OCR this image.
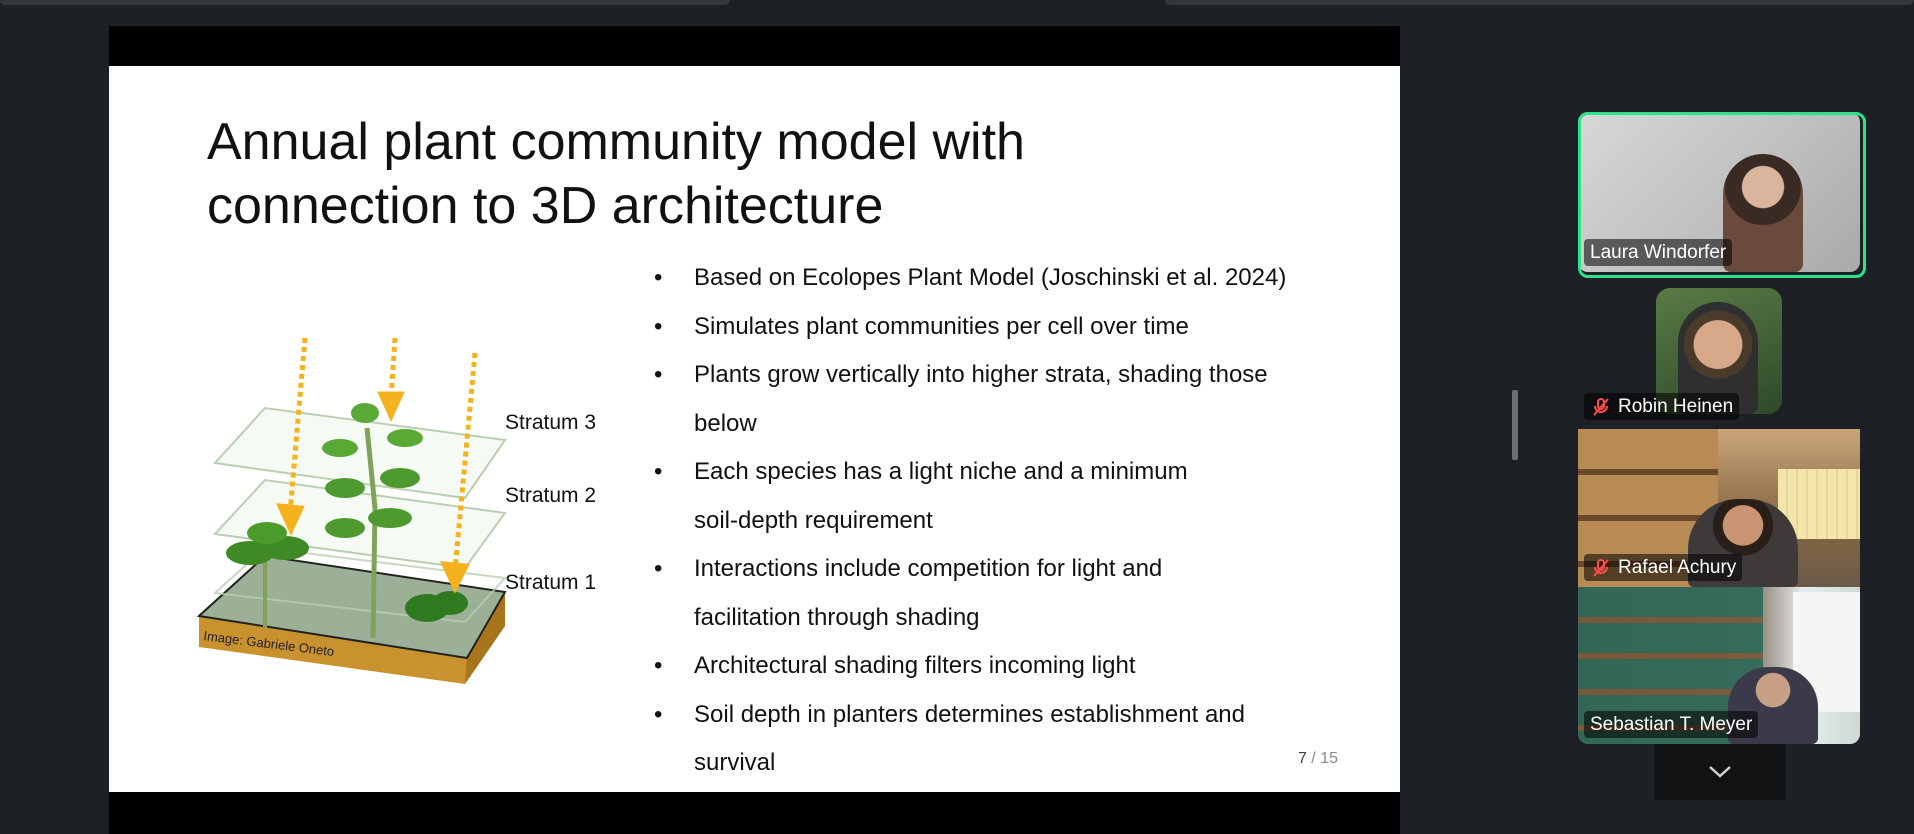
Annual plant community model with
connection to 3D architecture
Stratum 3
Stratum 2
Stratum 1
Image: Gabriele Oneto
•	Based on Ecolopes Plant Model (Joschinski et al. 2024)
•	Simulates plant communities per cell over time
•	Plants grow vertically into higher strata, shading those
below
•	Each species has a light niche and a minimum
soil-depth requirement
•	Interactions include competition for light and
facilitation through shading
•	Architectural shading filters incoming light
•	Soil depth in planters determines establishment and
survival	7 / 15
Laura Windorfer
Robin Heinen
Rafael Achury
Sebastian T. Meyer
